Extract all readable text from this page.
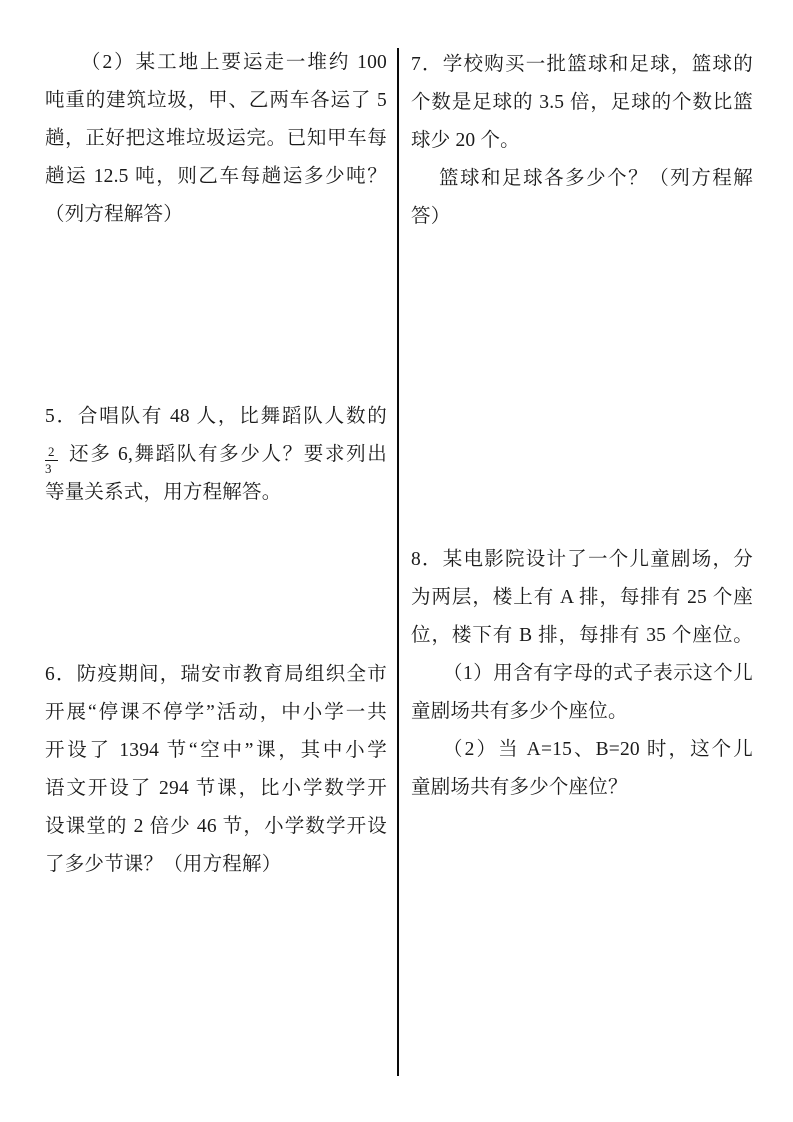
（2）某工地上要运走一堆约 100
吨重的建筑垃圾，甲、乙两车各运了 5
趟，正好把这堆垃圾运完。已知甲车每
趟运 12.5 吨，则乙车每趟运多少吨？
（列方程解答）
5．合唱队有 48 人，比舞蹈队人数的
$\frac{2}{3}$ 还多 6,舞蹈队有多少人？要求列出
等量关系式，用方程解答。
6．防疫期间，瑞安市教育局组织全市
开展“停课不停学”活动，中小学一共
开设了 1394 节“空中”课，其中小学
语文开设了 294 节课，比小学数学开
设课堂的 2 倍少 46 节，小学数学开设
了多少节课？（用方程解）
7．学校购买一批篮球和足球，篮球的
个数是足球的 3.5 倍，足球的个数比篮
球少 20 个。
篮球和足球各多少个？（列方程解
答）
8．某电影院设计了一个儿童剧场，分
为两层，楼上有 A 排，每排有 25 个座
位，楼下有 B 排，每排有 35 个座位。
（1）用含有字母的式子表示这个儿
童剧场共有多少个座位。
（2）当 A=15、B=20 时，这个儿
童剧场共有多少个座位？
